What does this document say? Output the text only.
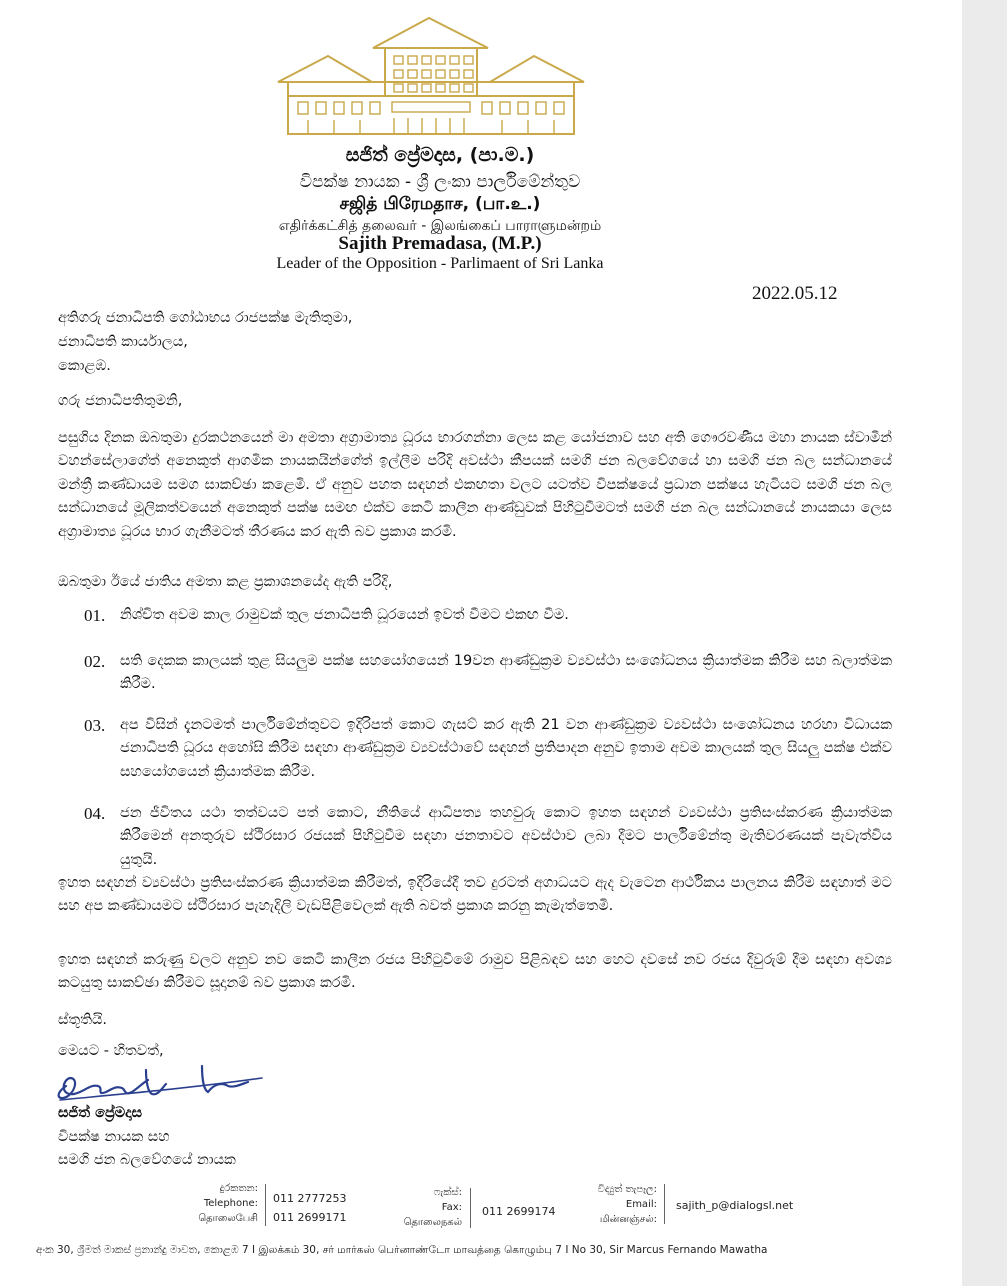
සජිත් ප්‍රේමදාස, (පා.ම.)
විපක්ෂ නායක - ශ්‍රී ලංකා පාර්ලිමේන්තුව
சஜித் பிரேமதாச, (பா.உ.)
எதிர்க்கட்சித் தலைவர் - இலங்கைப் பாராளுமன்றம்
Sajith Premadasa, (M.P.)
Leader of the Opposition - Parlimaent of Sri Lanka
2022.05.12
අතිගරු ජනාධිපති ගෝඨාභය රාජපක්ෂ මැතිතුමා,
ජනාධිපති කාර්යාලය,
කොළඹ.
ගරු ජනාධිපතිතුමනි,
පසුගිය දිනක ඔබතුමා දුරකථනයෙන් මා අමතා අග්‍රාමාත්‍ය ධූරය භාරගන්නා ලෙස කළ යෝජනාව සහ අති ගෞරවණීය මහා නායක ස්වාමීන් වහන්සේලාගේත් අනෙකුත් ආගමික නායකයින්ගේත් ඉල්ලීම පරිදි අවස්ථා කීපයක් සමගි ජන බලවේගයේ හා සමගි ජන බල සන්ධානයේ මන්ත්‍රී කණ්ඩායම සමග සාකච්ඡා කළෙමි. ඒ අනුව පහත සඳහන් එකඟතා වලට යටත්ව විපක්ෂයේ ප්‍රධාන පක්ෂය හැටියට සමගි ජන බල සන්ධානයේ මූලිකත්වයෙන් අනෙකුත් පක්ෂ සමඟ එක්ව කෙටි කාලීන ආණ්ඩුවක් පිහිටුවීමටත් සමගි ජන බල සන්ධානයේ නායකයා ලෙස අග්‍රාමාත්‍ය ධූරය භාර ගැනීමටත් තීරණය කර ඇති බව ප්‍රකාශ කරමි.
ඔබතුමා ඊයේ ජාතිය අමතා කළ ප්‍රකාශනයේද ඇති පරිදි,
01.	නිශ්චිත අවම කාල රාමුවක් තුල ජනාධිපති ධූරයෙන් ඉවත් වීමට එකඟ වීම.
02.	සති දෙකක කාලයක් තුළ සියලුම පක්ෂ සහයෝගයෙන් 19වන ආණ්ඩුක්‍රම ව්‍යවස්ථා සංශෝධනය ක්‍රියාත්මක කිරීම සහ බලාත්මක කිරීම.
03.	අප විසින් දැනටමත් පාර්ලිමේන්තුවට ඉදිරිපත් කොට ගැසට් කර ඇති 21 වන ආණ්ඩුක්‍රම ව්‍යවස්ථා සංශෝධනය හරහා විධායක ජනාධිපති ධූරය අහෝසි කිරීම සඳහා ආණ්ඩුක්‍රම ව්‍යවස්ථාවේ සඳහන් ප්‍රතිපාදන අනුව ඉතාම අවම කාලයක් තුල සියලු පක්ෂ එක්ව සහයෝගයෙන් ක්‍රියාත්මක කිරීම.
04.	ජන ජීවිතය යථා තත්වයට පත් කොට, නීතියේ ආධිපත්‍ය තහවුරු කොට ඉහත සඳහන් ව්‍යවස්ථා ප්‍රතිසංස්කරණ ක්‍රියාත්මක කිරීමෙන් අනතුරුව ස්ථිරසාර රජයක් පිහිටුවීම සඳහා ජනතාවට අවස්ථාව ලබා දීමට පාර්ලිමේන්තු මැතිවරණයක් පැවැත්විය යුතුයි.
ඉහත සඳහන් ව්‍යවස්ථා ප්‍රතිසංස්කරණ ක්‍රියාත්මක කිරීමත්, ඉදිරියේදී තව දුරටත් අගාධයට ඇද වැටෙන ආර්ථිකය පාලනය කිරීම සඳහාත් මට සහ අප කණ්ඩායමට ස්ථිරසාර පැහැදිලි වැඩපිළිවෙලක් ඇති බවත් ප්‍රකාශ කරනු කැමැත්තෙමි.
ඉහත සඳහන් කරුණු වලට අනුව නව කෙටි කාලීන රජය පිහිටුවීමේ රාමුව පිළිබඳව සහ හෙට දවසේ නව රජය දිවුරුම් දීම සඳහා අවශ්‍ය කටයුතු සාකච්ඡා කිරීමට සූදානම් බව ප්‍රකාශ කරමි.
ස්තූතියි.
මෙයට - හිතවත්,
සජිත් ප්‍රේමදාස
විපක්ෂ නායක සහ
සමගි ජන බලවේගයේ නායක
දුරකතන:
Telephone:
தொலைபேசி
011 2777253
011 2699171
ෆැක්ස්:
Fax:
தொலைநகல்
011 2699174
විද්‍යුත් තැපෑල:
Email:
மின்னஞ்சல்:
sajith_p@dialogsl.net
අංක 30, ශ්‍රීමත් මාකස් ප්‍රනාන්දු මාවත, කොළඹ 7 I இலக்கம் 30, சர் மார்கஸ் பெர்னாண்டோ மாவத்தை கொழும்பு 7 I No 30, Sir Marcus Fernando Mawatha
